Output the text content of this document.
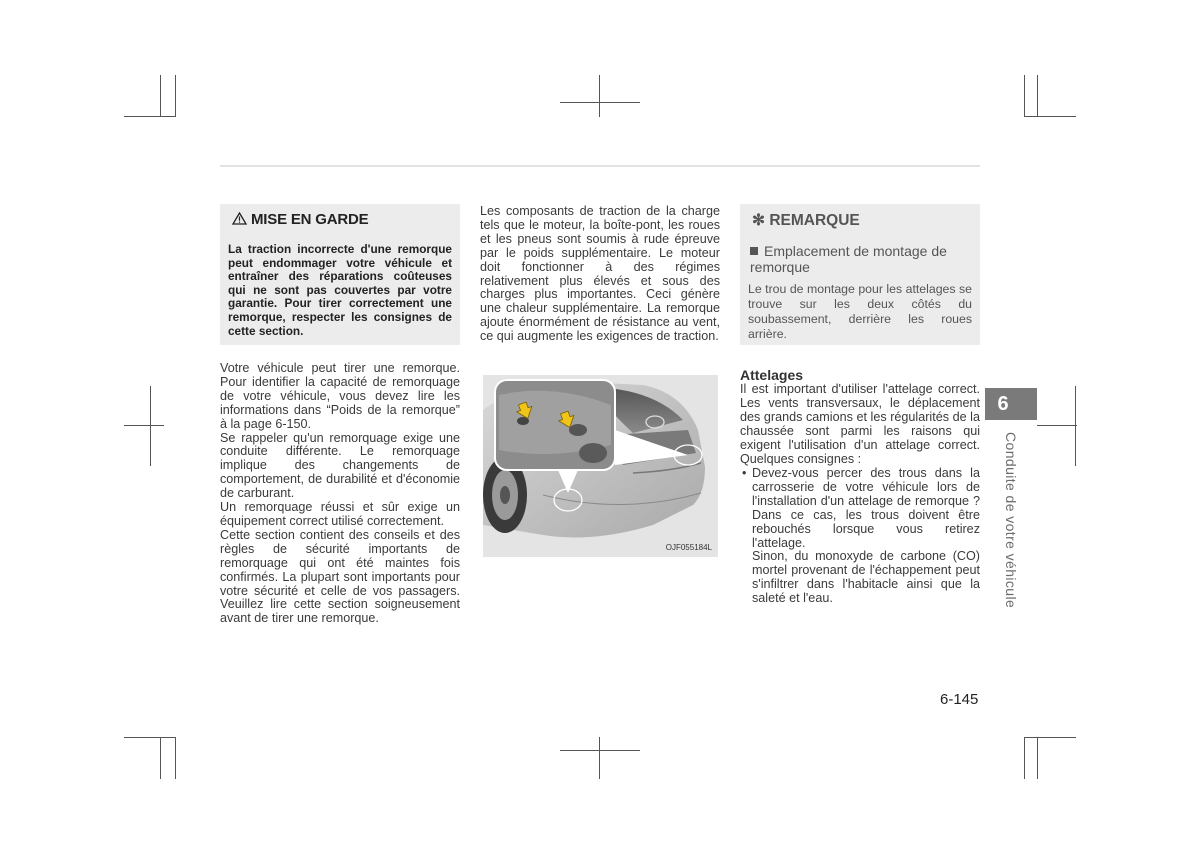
MISE EN GARDE
La traction incorrecte d'une remorque peut endommager votre véhicule et entraîner des réparations coûteuses qui ne sont pas couvertes par votre garantie. Pour tirer correctement une remorque, respecter les consignes de cette section.

Votre véhicule peut tirer une remorque. Pour identifier la capacité de remorquage de votre véhicule, vous devez lire les informations dans “Poids de la remorque” à la page 6-150.

Se rappeler qu'un remorquage exige une conduite différente. Le remorquage implique des changements de comportement, de durabilité et d'économie de carburant.

Un remorquage réussi et sûr exige un équipement correct utilisé correctement.

Cette section contient des conseils et des règles de sécurité importants de remorquage qui ont été maintes fois confirmés. La plupart sont importants pour votre sécurité et celle de vos passagers. Veuillez lire cette section soigneusement avant de tirer une remorque.

Les composants de traction de la charge tels que le moteur, la boîte-pont, les roues et les pneus sont soumis à rude épreuve par le poids supplémentaire. Le moteur doit fonctionner à des régimes relativement plus élevés et sous des charges plus importantes. Ceci génère une chaleur supplémentaire. La remorque ajoute énormément de résistance au vent, ce qui augmente les exigences de traction.

OJF055184L
✻ REMARQUE
Emplacement de montage de remorque
Le trou de montage pour les attelages se trouve sur les deux côtés du soubassement, derrière les roues arrière.
Attelages

Il est important d'utiliser l'attelage correct. Les vents transversaux, le déplacement des grands camions et les régularités de la chaussée sont parmi les raisons qui exigent l'utilisation d'un attelage correct. Quelques consignes :

• Devez-vous percer des trous dans la carrosserie de votre véhicule lors de l'installation d'un attelage de remorque ? Dans ce cas, les trous doivent être rebouchés lorsque vous retirez l'attelage.

Sinon, du monoxyde de carbone (CO) mortel provenant de l'échappement peut s'infiltrer dans l'habitacle ainsi que la saleté et l'eau.

6
Conduite de votre véhicule
6-145
